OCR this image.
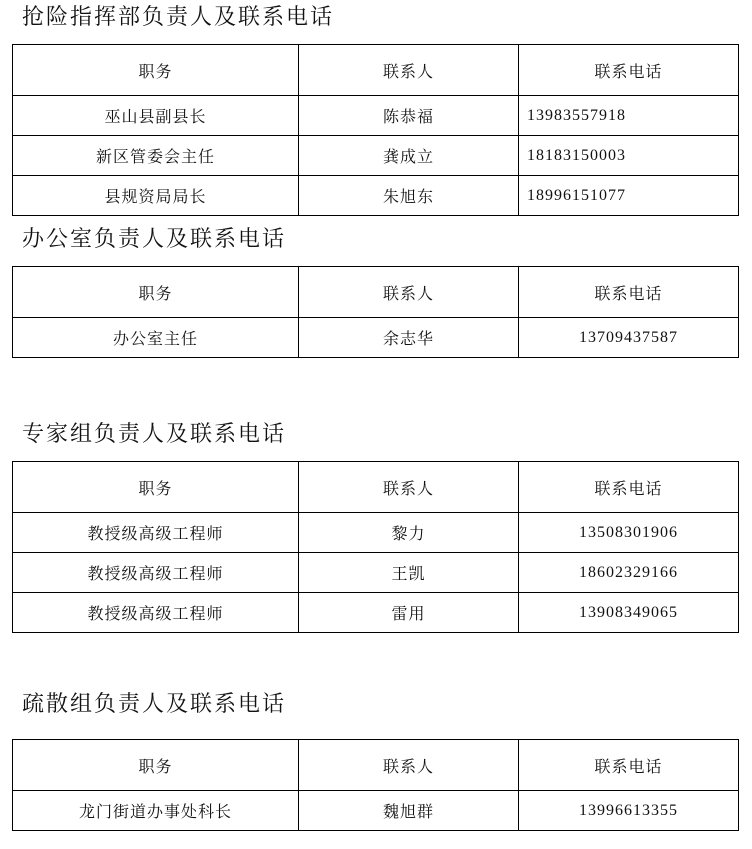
抢险指挥部负责人及联系电话
职务	联系人	联系电话
巫山县副县长	陈恭福	13983557918
新区管委会主任	龚成立	18183150003
县规资局局长	朱旭东	18996151077
办公室负责人及联系电话
职务	联系人	联系电话
办公室主任	余志华	13709437587
专家组负责人及联系电话
职务	联系人	联系电话
教授级高级工程师	黎力	13508301906
教授级高级工程师	王凯	18602329166
教授级高级工程师	雷用	13908349065
疏散组负责人及联系电话
职务	联系人	联系电话
龙门街道办事处科长	魏旭群	13996613355
